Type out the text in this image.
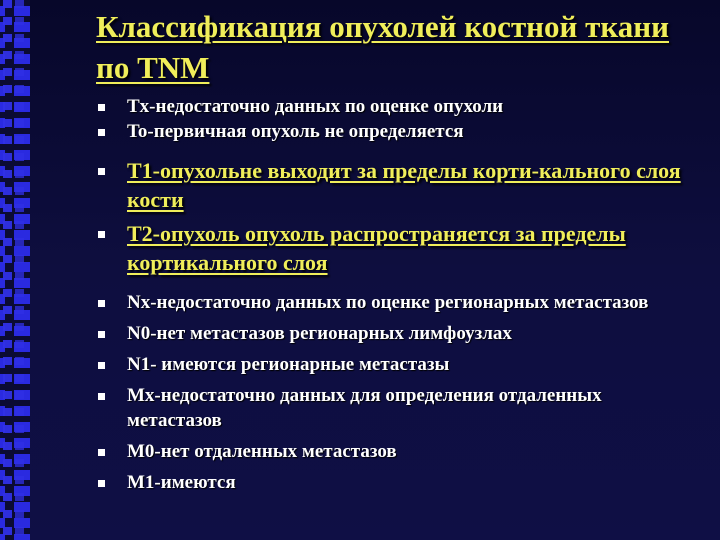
Классификация опухолей костной ткани по TNM
Tx-недостаточно данных по оценке опухоли
To-первичная опухоль не определяется
T1-опухольне выходит за пределы корти-кального слоя кости
T2-опухоль опухоль распространяется за пределы кортикального слоя
Nx-недостаточно данных по оценке регионарных метастазов
N0-нет метастазов регионарных лимфоузлах
N1- имеются регионарные метастазы
Mx-недостаточно данных для определения отдаленных метастазов
M0-нет отдаленных метастазов
M1-имеются
